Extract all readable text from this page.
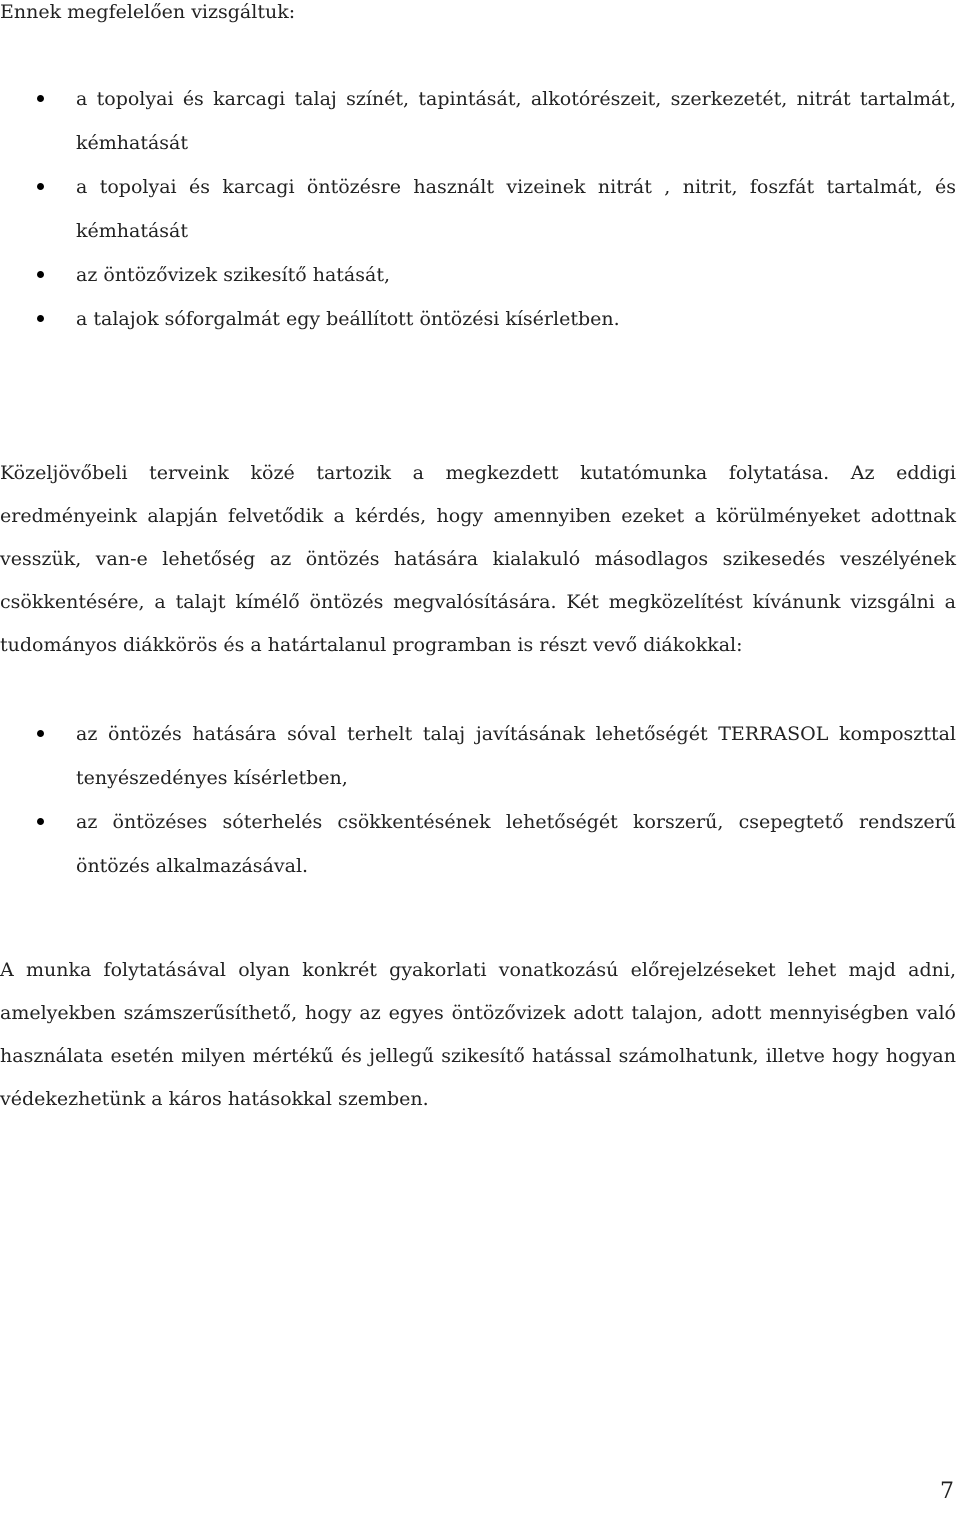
Ennek megfelelően vizsgáltuk:

a topolyai és karcagi talaj színét, tapintását, alkotórészeit, szerkezetét, nitrát tartalmát, kémhatását
a topolyai és karcagi öntözésre használt vizeinek nitrát , nitrit, foszfát tartalmát, és kémhatását
az öntözővizek szikesítő hatását,
a talajok sóforgalmát egy beállított öntözési kísérletben.

Közeljövőbeli terveink közé tartozik a megkezdett kutatómunka folytatása. Az eddigi eredményeink alapján felvetődik a kérdés, hogy amennyiben ezeket a körülményeket adottnak vesszük, van-e lehetőség az öntözés hatására kialakuló másodlagos szikesedés veszélyének csökkentésére, a talajt kímélő öntözés megvalósítására. Két megközelítést kívánunk vizsgálni a tudományos diákkörös és a határtalanul programban is részt vevő diákokkal:

az öntözés hatására sóval terhelt talaj javításának lehetőségét TERRASOL komposzttal tenyészedényes kísérletben,
az öntözéses sóterhelés csökkentésének lehetőségét korszerű, csepegtető rendszerű öntözés alkalmazásával.

A munka folytatásával olyan konkrét gyakorlati vonatkozású előrejelzéseket lehet majd adni, amelyekben számszerűsíthető, hogy az egyes öntözővizek adott talajon, adott mennyiségben való használata esetén milyen mértékű és jellegű szikesítő hatással számolhatunk, illetve hogy hogyan védekezhetünk a káros hatásokkal szemben.

7
